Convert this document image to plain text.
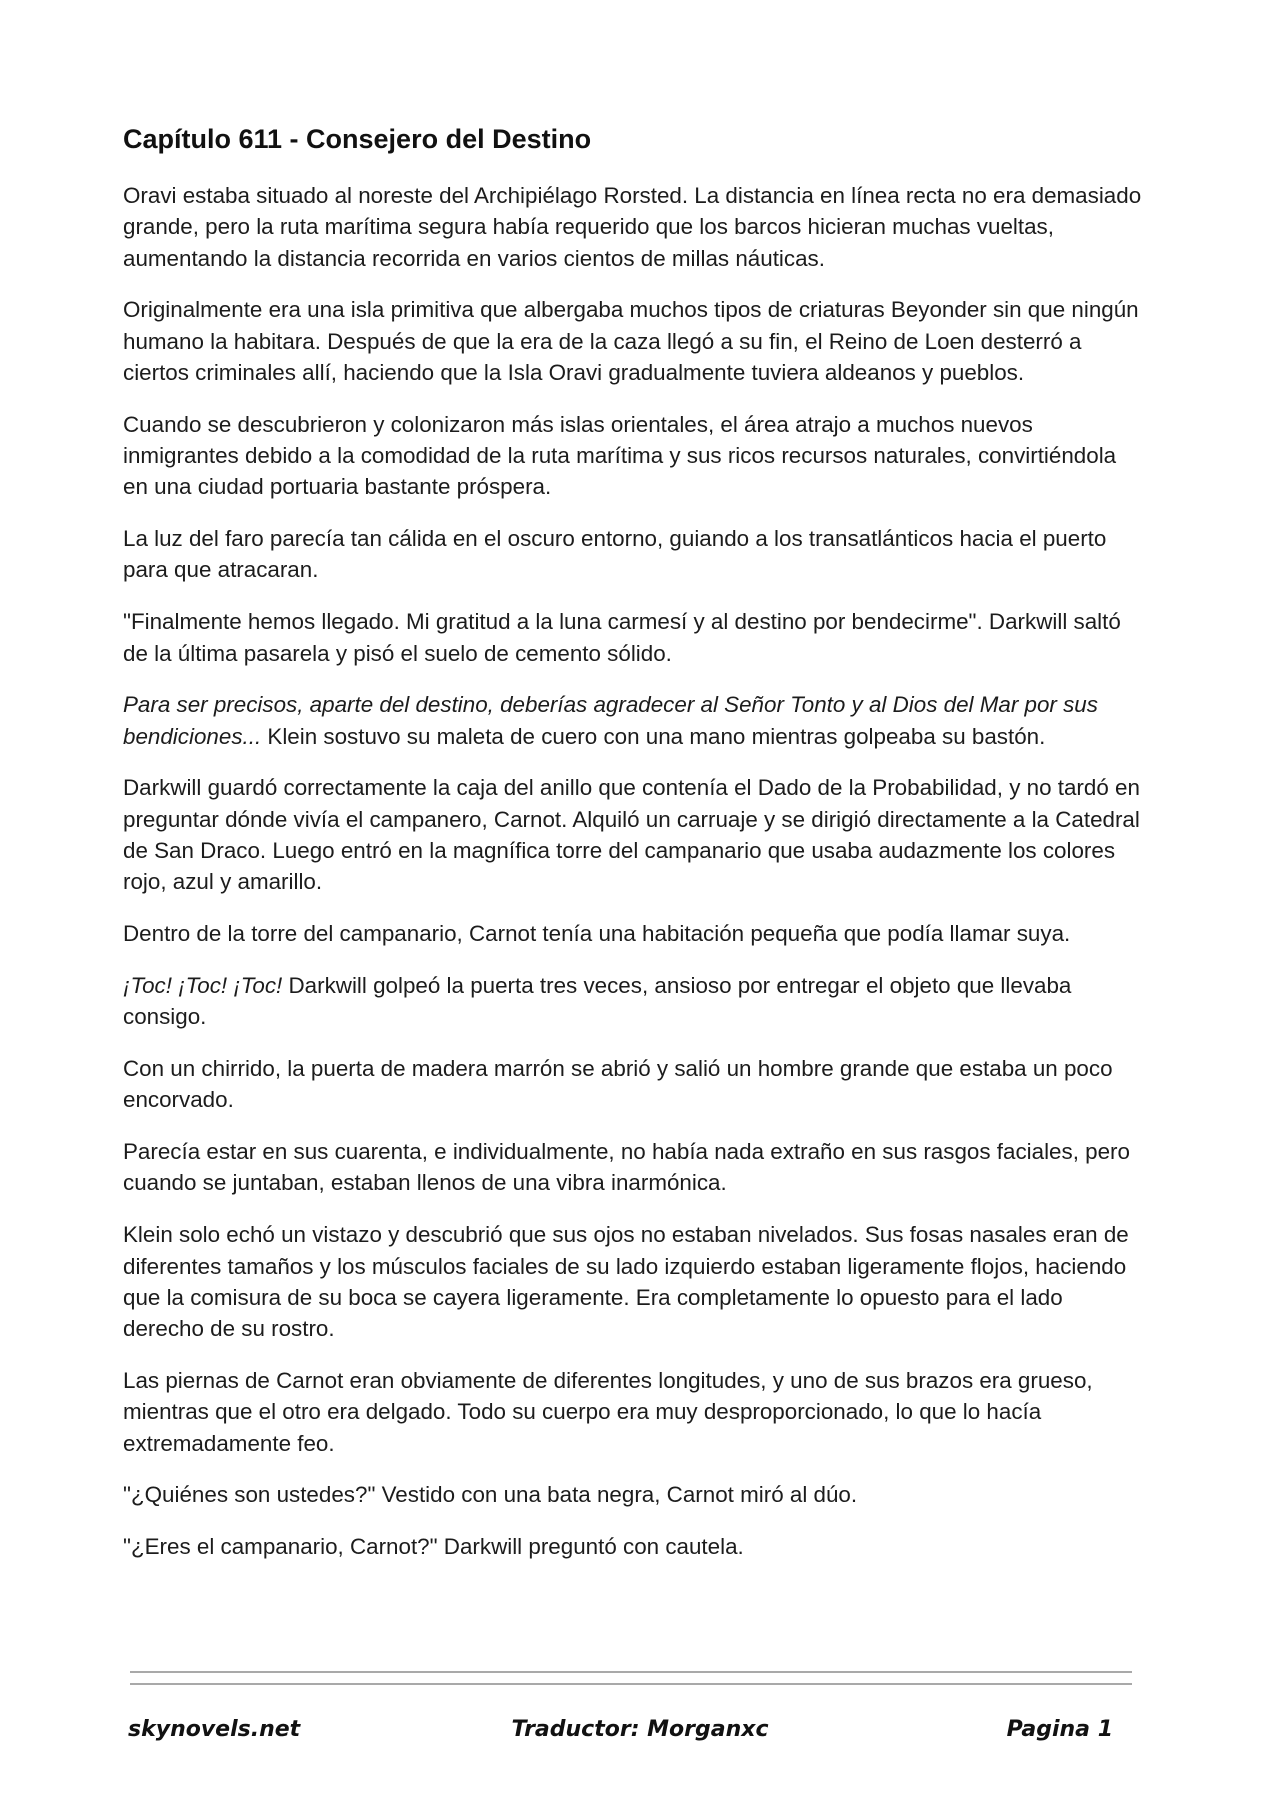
Capítulo 611 - Consejero del Destino

Oravi estaba situado al noreste del Archipiélago Rorsted. La distancia en línea recta no era demasiado grande, pero la ruta marítima segura había requerido que los barcos hicieran muchas vueltas, aumentando la distancia recorrida en varios cientos de millas náuticas.

Originalmente era una isla primitiva que albergaba muchos tipos de criaturas Beyonder sin que ningún humano la habitara. Después de que la era de la caza llegó a su fin, el Reino de Loen desterró a ciertos criminales allí, haciendo que la Isla Oravi gradualmente tuviera aldeanos y pueblos.

Cuando se descubrieron y colonizaron más islas orientales, el área atrajo a muchos nuevos inmigrantes debido a la comodidad de la ruta marítima y sus ricos recursos naturales, convirtiéndola en una ciudad portuaria bastante próspera.

La luz del faro parecía tan cálida en el oscuro entorno, guiando a los transatlánticos hacia el puerto para que atracaran.

"Finalmente hemos llegado. Mi gratitud a la luna carmesí y al destino por bendecirme". Darkwill saltó de la última pasarela y pisó el suelo de cemento sólido.

Para ser precisos, aparte del destino, deberías agradecer al Señor Tonto y al Dios del Mar por sus bendiciones... Klein sostuvo su maleta de cuero con una mano mientras golpeaba su bastón.

Darkwill guardó correctamente la caja del anillo que contenía el Dado de la Probabilidad, y no tardó en preguntar dónde vivía el campanero, Carnot. Alquiló un carruaje y se dirigió directamente a la Catedral de San Draco. Luego entró en la magnífica torre del campanario que usaba audazmente los colores rojo, azul y amarillo.

Dentro de la torre del campanario, Carnot tenía una habitación pequeña que podía llamar suya.

¡Toc! ¡Toc! ¡Toc! Darkwill golpeó la puerta tres veces, ansioso por entregar el objeto que llevaba consigo.

Con un chirrido, la puerta de madera marrón se abrió y salió un hombre grande que estaba un poco encorvado.

Parecía estar en sus cuarenta, e individualmente, no había nada extraño en sus rasgos faciales, pero cuando se juntaban, estaban llenos de una vibra inarmónica.

Klein solo echó un vistazo y descubrió que sus ojos no estaban nivelados. Sus fosas nasales eran de diferentes tamaños y los músculos faciales de su lado izquierdo estaban ligeramente flojos, haciendo que la comisura de su boca se cayera ligeramente. Era completamente lo opuesto para el lado derecho de su rostro.

Las piernas de Carnot eran obviamente de diferentes longitudes, y uno de sus brazos era grueso, mientras que el otro era delgado. Todo su cuerpo era muy desproporcionado, lo que lo hacía extremadamente feo.

"¿Quiénes son ustedes?" Vestido con una bata negra, Carnot miró al dúo.

"¿Eres el campanario, Carnot?" Darkwill preguntó con cautela.

skynovels.net	Traductor: Morganxc	Pagina 1
